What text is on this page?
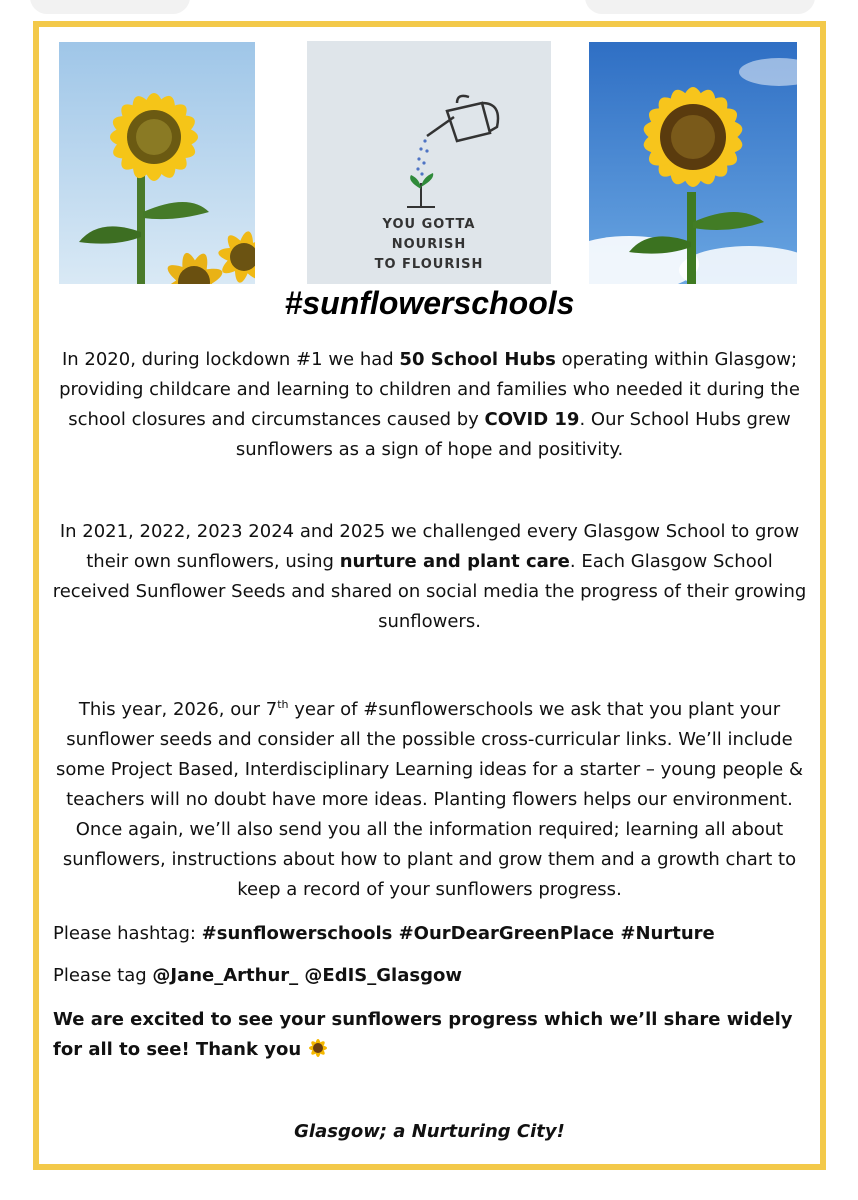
YOU GOTTA
NOURISH
TO FLOURISH
#sunflowerschools
In 2020, during lockdown #1 we had 50 School Hubs operating within Glasgow; providing childcare and learning to children and families who needed it during the school closures and circumstances caused by COVID 19. Our School Hubs grew sunflowers as a sign of hope and positivity.
In 2021, 2022, 2023 2024 and 2025 we challenged every Glasgow School to grow their own sunflowers, using nurture and plant care. Each Glasgow School received Sunflower Seeds and shared on social media the progress of their growing sunflowers.
This year, 2026, our 7th year of #sunflowerschools we ask that you plant your sunflower seeds and consider all the possible cross-curricular links. We’ll include some Project Based, Interdisciplinary Learning ideas for a starter – young people & teachers will no doubt have more ideas. Planting flowers helps our environment. Once again, we’ll also send you all the information required; learning all about sunflowers, instructions about how to plant and grow them and a growth chart to keep a record of your sunflowers progress.
Please hashtag: #sunflowerschools #OurDearGreenPlace #Nurture
Please tag @Jane_Arthur_ @EdIS_Glasgow
We are excited to see your sunflowers progress which we’ll share widely for all to see! Thank you
Glasgow; a Nurturing City!
